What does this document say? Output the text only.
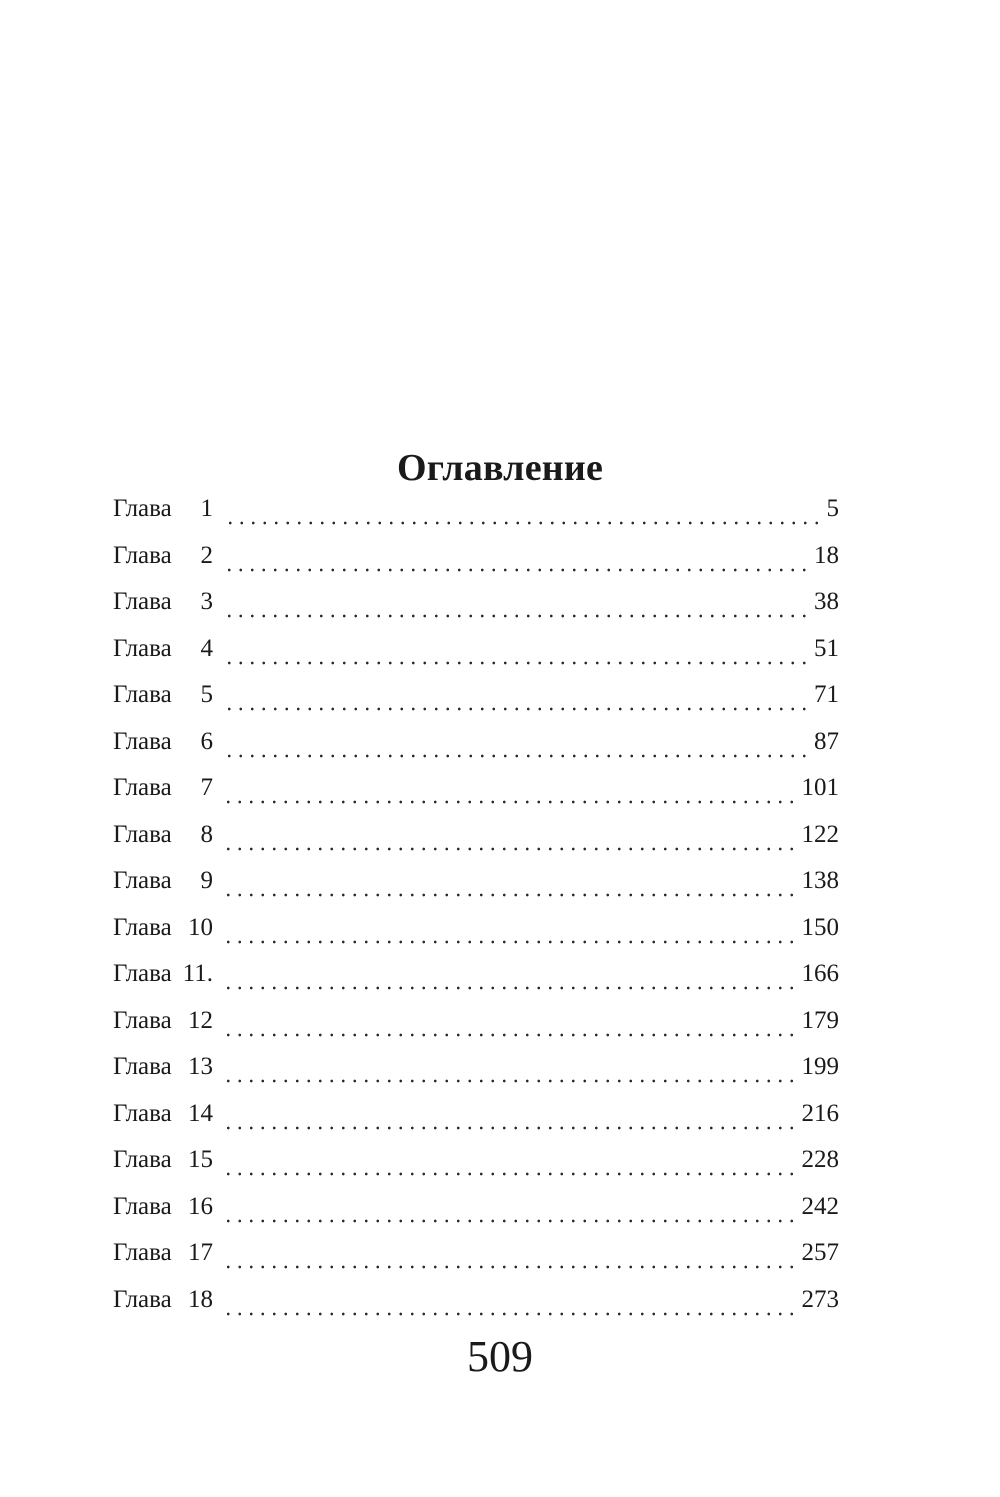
Оглавление
Глава 1	5
Глава 2	18
Глава 3	38
Глава 4	51
Глава 5	71
Глава 6	87
Глава 7	101
Глава 8	122
Глава 9	138
Глава 10	150
Глава 11.	166
Глава 12	179
Глава 13	199
Глава 14	216
Глава 15	228
Глава 16	242
Глава 17	257
Глава 18	273
509
